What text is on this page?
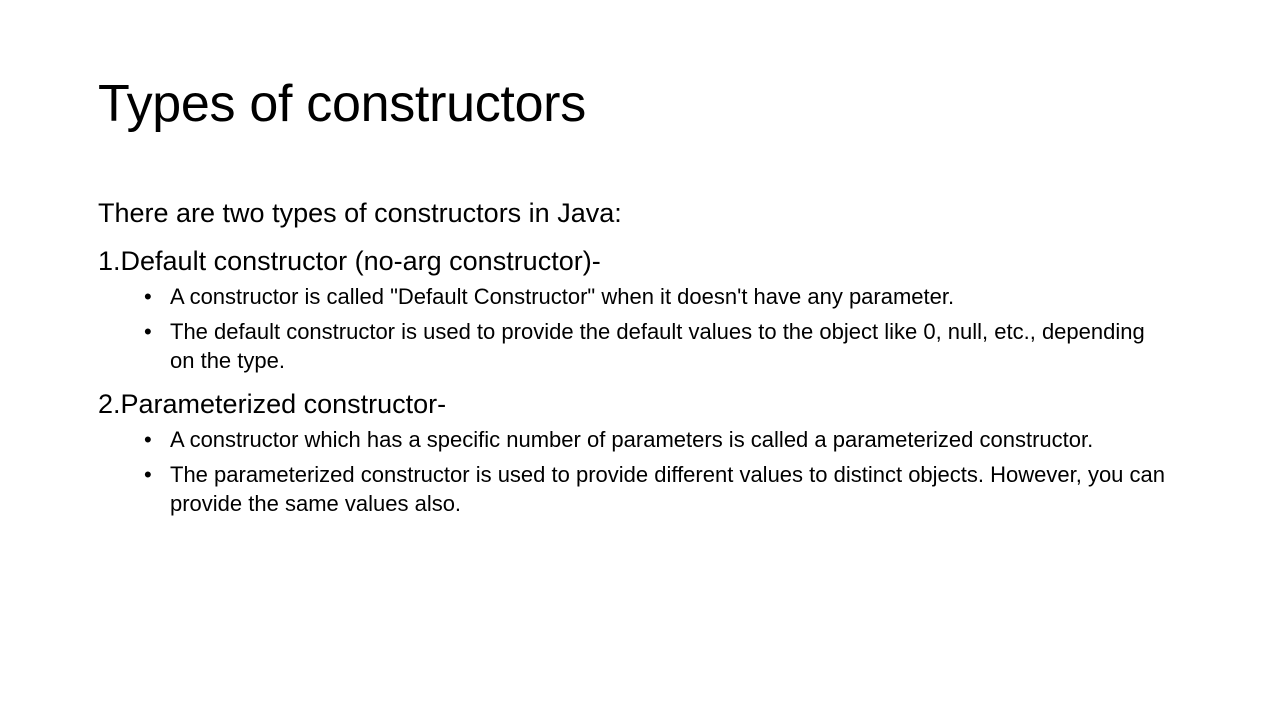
Types of constructors

There are two types of constructors in Java:

1.Default constructor (no-arg constructor)-

• A constructor is called "Default Constructor" when it doesn't have any parameter.
• The default constructor is used to provide the default values to the object like 0, null, etc., depending on the type.

2.Parameterized constructor-

• A constructor which has a specific number of parameters is called a parameterized constructor.
• The parameterized constructor is used to provide different values to distinct objects. However, you can provide the same values also.
